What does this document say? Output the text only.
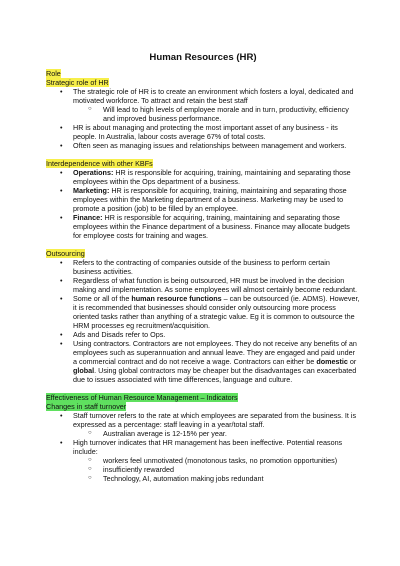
Human Resources (HR)
Role
Strategic role of HR
• The strategic role of HR is to create an environment which fosters a loyal, dedicated and motivated workforce. To attract and retain the best staff
○ Will lead to high levels of employee morale and in turn, productivity, efficiency and improved business performance.
• HR is about managing and protecting the most important asset of any business - its people. In Australia, labour costs average 67% of total costs.
• Often seen as managing issues and relationships between management and workers.
Interdependence with other KBFs
• Operations: HR is responsible for acquiring, training, maintaining and separating those employees within the Ops department of a business.
• Marketing: HR is responsible for acquiring, training, maintaining and separating those employees within the Marketing department of a business. Marketing may be used to promote a position (job) to be filled by an employee.
• Finance: HR is responsible for acquiring, training, maintaining and separating those employees within the Finance department of a business. Finance may allocate budgets for employee costs for training and wages.
Outsourcing
• Refers to the contracting of companies outside of the business to perform certain business activities.
• Regardless of what function is being outsourced, HR must be involved in the decision making and implementation. As some employees will almost certainly become redundant.
• Some or all of the human resource functions – can be outsourced (ie. ADMS). However, it is recommended that businesses should consider only outsourcing more process oriented tasks rather than anything of a strategic value. Eg it is common to outsource the HRM processes eg recruitment/acquisition.
• Ads and Disads refer to Ops.
• Using contractors. Contractors are not employees. They do not receive any benefits of an employees such as superannuation and annual leave. They are engaged and paid under a commercial contract and do not receive a wage. Contractors can either be domestic or global. Using global contractors may be cheaper but the disadvantages can exacerbated due to issues associated with time differences, language and culture.
Effectiveness of Human Resource Management – Indicators
Changes in staff turnover
• Staff turnover refers to the rate at which employees are separated from the business. It is expressed as a percentage: staff leaving in a year/total staff.
○ Australian average is 12-15% per year.
• High turnover indicates that HR management has been ineffective. Potential reasons include:
○ workers feel unmotivated (monotonous tasks, no promotion opportunities)
○ insufficiently rewarded
○ Technology, AI, automation making jobs redundant
